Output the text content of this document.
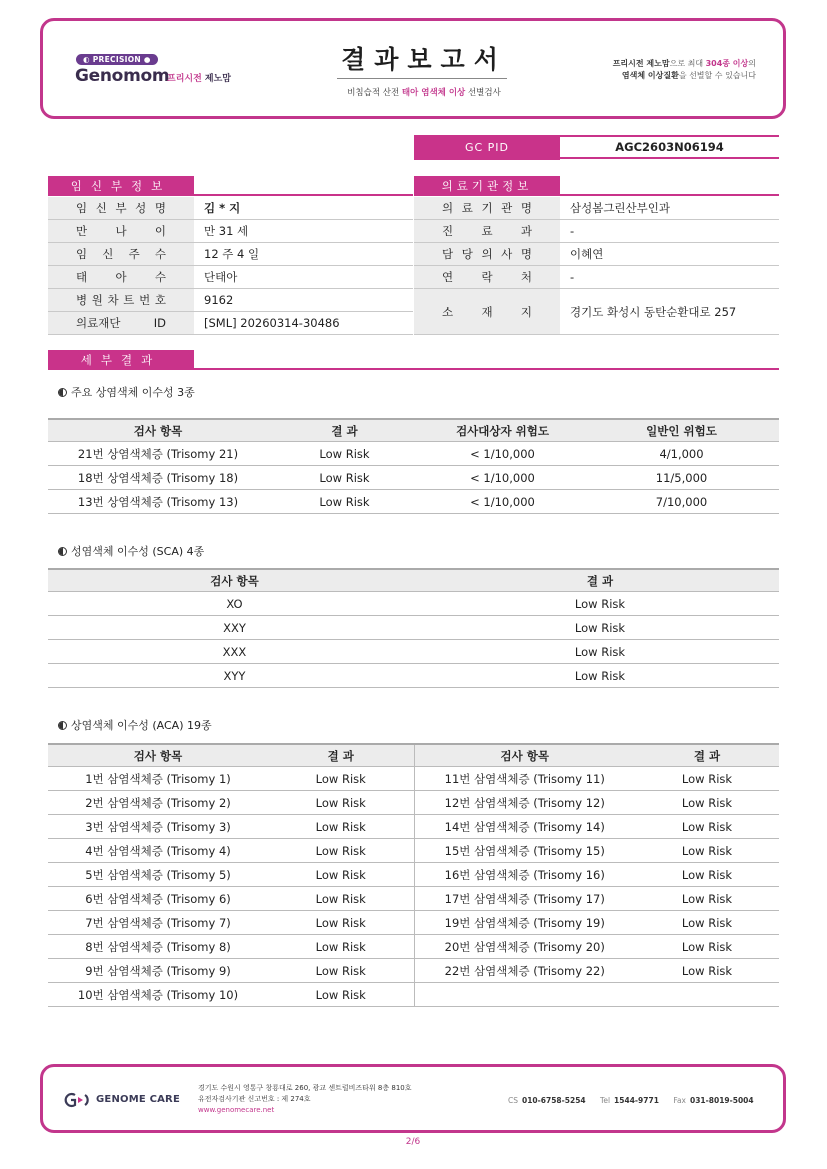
◐ PRECISION ●
Genomom
프리시전 제노맘
결과보고서
비침습적 산전 태아 염색체 이상 선별검사
프리시전 제노맘으로 최대 304종 이상의
염색체 이상질환을 선별할 수 있습니다
GC PID	AGC2603N06194
임신부정보	의료기관정보
임 신 부 성 명	김 * 지
만 나 이	만 31 세
임 신 주 수	12 주 4 일
태 아 수	단태아
병 원 차 트 번 호	9162
의료재단	ID	[SML] 20260314-30486
의 료 기 관 명	삼성봄그린산부인과
진 료 과	-
담 당 의 사 명	이혜연
연 락 처	-
소 재 지	경기도 화성시 동탄순환대로 257
세부결과
주요 상염색체 이수성 3종
검사 항목	결 과	검사대상자 위험도	일반인 위험도
21번 상염색체증 (Trisomy 21)	Low Risk	< 1/10,000	4/1,000
18번 상염색체증 (Trisomy 18)	Low Risk	< 1/10,000	11/5,000
13번 상염색체증 (Trisomy 13)	Low Risk	< 1/10,000	7/10,000
성염색체 이수성 (SCA) 4종
검사 항목	결 과
XO	Low Risk
XXY	Low Risk
XXX	Low Risk
XYY	Low Risk
상염색체 이수성 (ACA) 19종
검사 항목	결 과	검사 항목	결 과
1번 삼염색체증 (Trisomy 1)	Low Risk	11번 삼염색체증 (Trisomy 11)	Low Risk
2번 삼염색체증 (Trisomy 2)	Low Risk	12번 삼염색체증 (Trisomy 12)	Low Risk
3번 삼염색체증 (Trisomy 3)	Low Risk	14번 삼염색체증 (Trisomy 14)	Low Risk
4번 삼염색체증 (Trisomy 4)	Low Risk	15번 삼염색체증 (Trisomy 15)	Low Risk
5번 삼염색체증 (Trisomy 5)	Low Risk	16번 삼염색체증 (Trisomy 16)	Low Risk
6번 삼염색체증 (Trisomy 6)	Low Risk	17번 삼염색체증 (Trisomy 17)	Low Risk
7번 삼염색체증 (Trisomy 7)	Low Risk	19번 삼염색체증 (Trisomy 19)	Low Risk
8번 삼염색체증 (Trisomy 8)	Low Risk	20번 삼염색체증 (Trisomy 20)	Low Risk
9번 삼염색체증 (Trisomy 9)	Low Risk	22번 삼염색체증 (Trisomy 22)	Low Risk
10번 삼염색체증 (Trisomy 10)	Low Risk		
GENOME CARE
경기도 수원시 영통구 창룡대로 260, 광교 센트럴비즈타워 8층 810호
유전자검사기관 신고번호 : 제 274호
www.genomecare.net
CS 010-6758-5254 Tel 1544-9771 Fax 031-8019-5004
2/6
